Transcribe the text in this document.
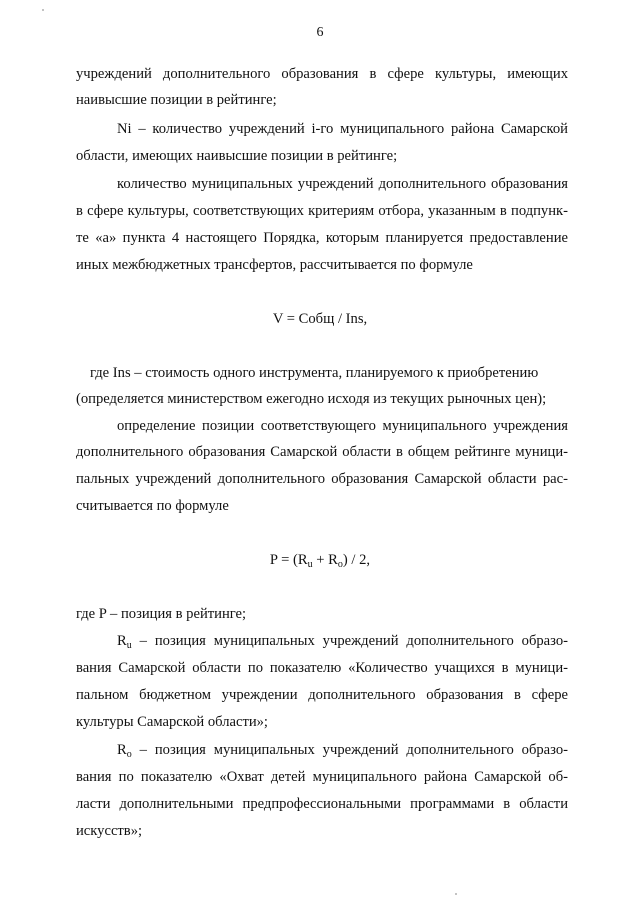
6
учреждений дополнительного образования в сфере культуры, имеющих
наивысшие позиции в рейтинге;
Ni – количество учреждений i-го муниципального района Самарской
области, имеющих наивысшие позиции в рейтинге;
количество муниципальных учреждений дополнительного образования
в сфере культуры, соответствующих критериям отбора, указанным в подпунк-
те «а» пункта 4 настоящего Порядка, которым планируется предоставление
иных межбюджетных трансфертов, рассчитывается по формуле
V = Cобщ / Ins,
где Ins – стоимость одного инструмента, планируемого к приобретению
(определяется министерством ежегодно исходя из текущих рыночных цен);
определение позиции соответствующего муниципального учреждения
дополнительного образования Самарской области в общем рейтинге муници-
пальных учреждений дополнительного образования Самарской области рас-
считывается по формуле
$P = (R_u + R_o) / 2$,
где P – позиция в рейтинге;
$R_u$ – позиция муниципальных учреждений дополнительного образо-
вания Самарской области по показателю «Количество учащихся в муници-
пальном бюджетном учреждении дополнительного образования в сфере
культуры Самарской области»;
$R_o$ – позиция муниципальных учреждений дополнительного образо-
вания по показателю «Охват детей муниципального района Самарской об-
ласти дополнительными предпрофессиональными программами в области
искусств»;
